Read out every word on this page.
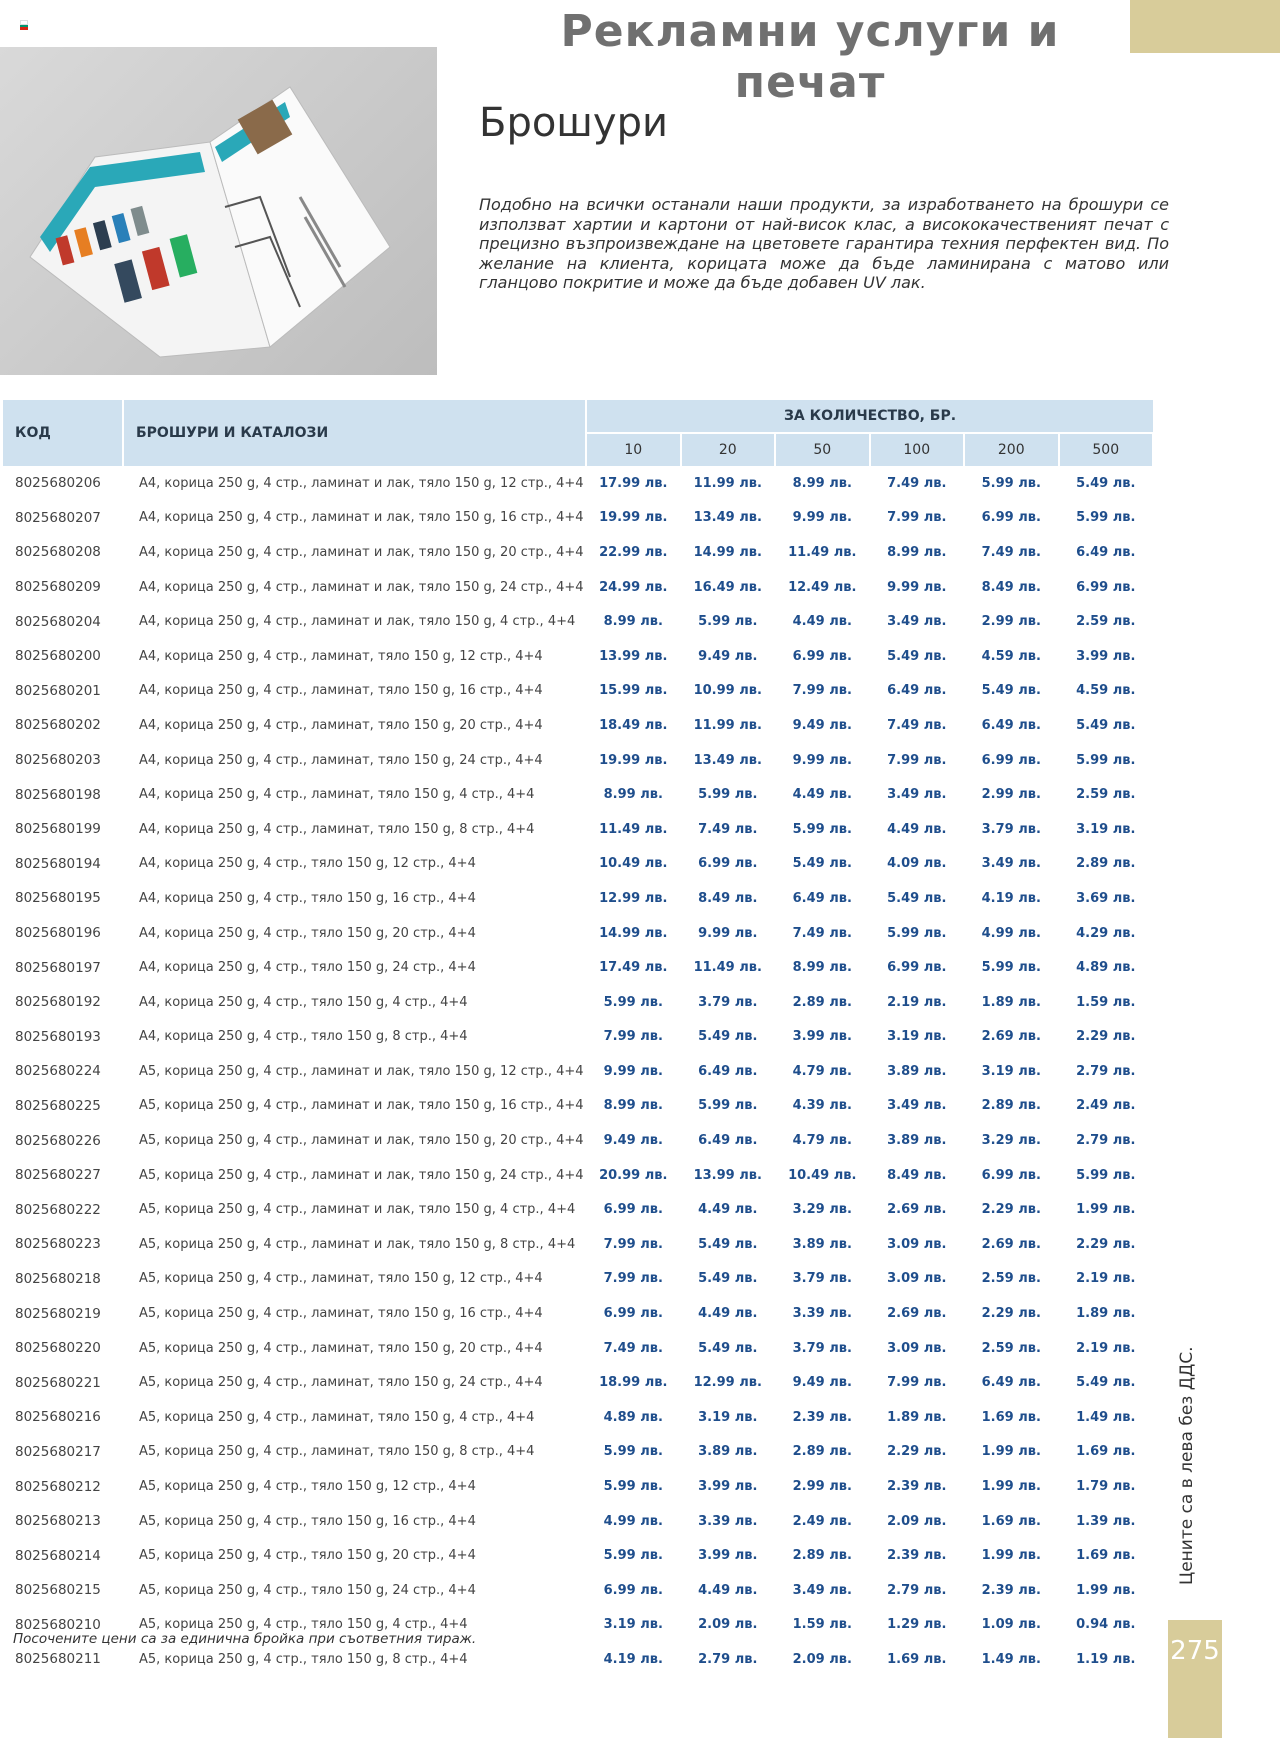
Рекламни услуги и печат
Брошури
Подобно на всички останали наши продукти, за изработването на брошури се използват хартии и картони от най-висок клас, а висококачественият печат с прецизно възпроизвеждане на цветовете гарантира техния перфектен вид. По желание на клиента, корицата може да бъде ламинирана с матово или гланцово покритие и може да бъде добавен UV лак.
КОД	БРОШУРИ И КАТАЛОЗИ	ЗА КОЛИЧЕСТВО, БР.					
		10	20	50	100	200	500
8025680206	А4, корица 250 g, 4 стр., ламинат и лак, тяло 150 g, 12 стр., 4+4	17.99 лв.	11.99 лв.	8.99 лв.	7.49 лв.	5.99 лв.	5.49 лв.
8025680207	А4, корица 250 g, 4 стр., ламинат и лак, тяло 150 g, 16 стр., 4+4	19.99 лв.	13.49 лв.	9.99 лв.	7.99 лв.	6.99 лв.	5.99 лв.
8025680208	А4, корица 250 g, 4 стр., ламинат и лак, тяло 150 g, 20 стр., 4+4	22.99 лв.	14.99 лв.	11.49 лв.	8.99 лв.	7.49 лв.	6.49 лв.
8025680209	А4, корица 250 g, 4 стр., ламинат и лак, тяло 150 g, 24 стр., 4+4	24.99 лв.	16.49 лв.	12.49 лв.	9.99 лв.	8.49 лв.	6.99 лв.
8025680204	А4, корица 250 g, 4 стр., ламинат и лак, тяло 150 g, 4 стр., 4+4	8.99 лв.	5.99 лв.	4.49 лв.	3.49 лв.	2.99 лв.	2.59 лв.
8025680200	А4, корица 250 g, 4 стр., ламинат, тяло 150 g, 12 стр., 4+4	13.99 лв.	9.49 лв.	6.99 лв.	5.49 лв.	4.59 лв.	3.99 лв.
8025680201	А4, корица 250 g, 4 стр., ламинат, тяло 150 g, 16 стр., 4+4	15.99 лв.	10.99 лв.	7.99 лв.	6.49 лв.	5.49 лв.	4.59 лв.
8025680202	А4, корица 250 g, 4 стр., ламинат, тяло 150 g, 20 стр., 4+4	18.49 лв.	11.99 лв.	9.49 лв.	7.49 лв.	6.49 лв.	5.49 лв.
8025680203	А4, корица 250 g, 4 стр., ламинат, тяло 150 g, 24 стр., 4+4	19.99 лв.	13.49 лв.	9.99 лв.	7.99 лв.	6.99 лв.	5.99 лв.
8025680198	А4, корица 250 g, 4 стр., ламинат, тяло 150 g, 4 стр., 4+4	8.99 лв.	5.99 лв.	4.49 лв.	3.49 лв.	2.99 лв.	2.59 лв.
8025680199	А4, корица 250 g, 4 стр., ламинат, тяло 150 g, 8 стр., 4+4	11.49 лв.	7.49 лв.	5.99 лв.	4.49 лв.	3.79 лв.	3.19 лв.
8025680194	А4, корица 250 g, 4 стр., тяло 150 g, 12 стр., 4+4	10.49 лв.	6.99 лв.	5.49 лв.	4.09 лв.	3.49 лв.	2.89 лв.
8025680195	А4, корица 250 g, 4 стр., тяло 150 g, 16 стр., 4+4	12.99 лв.	8.49 лв.	6.49 лв.	5.49 лв.	4.19 лв.	3.69 лв.
8025680196	А4, корица 250 g, 4 стр., тяло 150 g, 20 стр., 4+4	14.99 лв.	9.99 лв.	7.49 лв.	5.99 лв.	4.99 лв.	4.29 лв.
8025680197	А4, корица 250 g, 4 стр., тяло 150 g, 24 стр., 4+4	17.49 лв.	11.49 лв.	8.99 лв.	6.99 лв.	5.99 лв.	4.89 лв.
8025680192	А4, корица 250 g, 4 стр., тяло 150 g, 4 стр., 4+4	5.99 лв.	3.79 лв.	2.89 лв.	2.19 лв.	1.89 лв.	1.59 лв.
8025680193	А4, корица 250 g, 4 стр., тяло 150 g, 8 стр., 4+4	7.99 лв.	5.49 лв.	3.99 лв.	3.19 лв.	2.69 лв.	2.29 лв.
8025680224	А5, корица 250 g, 4 стр., ламинат и лак, тяло 150 g, 12 стр., 4+4	9.99 лв.	6.49 лв.	4.79 лв.	3.89 лв.	3.19 лв.	2.79 лв.
8025680225	А5, корица 250 g, 4 стр., ламинат и лак, тяло 150 g, 16 стр., 4+4	8.99 лв.	5.99 лв.	4.39 лв.	3.49 лв.	2.89 лв.	2.49 лв.
8025680226	А5, корица 250 g, 4 стр., ламинат и лак, тяло 150 g, 20 стр., 4+4	9.49 лв.	6.49 лв.	4.79 лв.	3.89 лв.	3.29 лв.	2.79 лв.
8025680227	А5, корица 250 g, 4 стр., ламинат и лак, тяло 150 g, 24 стр., 4+4	20.99 лв.	13.99 лв.	10.49 лв.	8.49 лв.	6.99 лв.	5.99 лв.
8025680222	А5, корица 250 g, 4 стр., ламинат и лак, тяло 150 g, 4 стр., 4+4	6.99 лв.	4.49 лв.	3.29 лв.	2.69 лв.	2.29 лв.	1.99 лв.
8025680223	А5, корица 250 g, 4 стр., ламинат и лак, тяло 150 g, 8 стр., 4+4	7.99 лв.	5.49 лв.	3.89 лв.	3.09 лв.	2.69 лв.	2.29 лв.
8025680218	А5, корица 250 g, 4 стр., ламинат, тяло 150 g, 12 стр., 4+4	7.99 лв.	5.49 лв.	3.79 лв.	3.09 лв.	2.59 лв.	2.19 лв.
8025680219	А5, корица 250 g, 4 стр., ламинат, тяло 150 g, 16 стр., 4+4	6.99 лв.	4.49 лв.	3.39 лв.	2.69 лв.	2.29 лв.	1.89 лв.
8025680220	А5, корица 250 g, 4 стр., ламинат, тяло 150 g, 20 стр., 4+4	7.49 лв.	5.49 лв.	3.79 лв.	3.09 лв.	2.59 лв.	2.19 лв.
8025680221	А5, корица 250 g, 4 стр., ламинат, тяло 150 g, 24 стр., 4+4	18.99 лв.	12.99 лв.	9.49 лв.	7.99 лв.	6.49 лв.	5.49 лв.
8025680216	А5, корица 250 g, 4 стр., ламинат, тяло 150 g, 4 стр., 4+4	4.89 лв.	3.19 лв.	2.39 лв.	1.89 лв.	1.69 лв.	1.49 лв.
8025680217	А5, корица 250 g, 4 стр., ламинат, тяло 150 g, 8 стр., 4+4	5.99 лв.	3.89 лв.	2.89 лв.	2.29 лв.	1.99 лв.	1.69 лв.
8025680212	А5, корица 250 g, 4 стр., тяло 150 g, 12 стр., 4+4	5.99 лв.	3.99 лв.	2.99 лв.	2.39 лв.	1.99 лв.	1.79 лв.
8025680213	А5, корица 250 g, 4 стр., тяло 150 g, 16 стр., 4+4	4.99 лв.	3.39 лв.	2.49 лв.	2.09 лв.	1.69 лв.	1.39 лв.
8025680214	А5, корица 250 g, 4 стр., тяло 150 g, 20 стр., 4+4	5.99 лв.	3.99 лв.	2.89 лв.	2.39 лв.	1.99 лв.	1.69 лв.
8025680215	А5, корица 250 g, 4 стр., тяло 150 g, 24 стр., 4+4	6.99 лв.	4.49 лв.	3.49 лв.	2.79 лв.	2.39 лв.	1.99 лв.
8025680210	А5, корица 250 g, 4 стр., тяло 150 g, 4 стр., 4+4	3.19 лв.	2.09 лв.	1.59 лв.	1.29 лв.	1.09 лв.	0.94 лв.
8025680211	А5, корица 250 g, 4 стр., тяло 150 g, 8 стр., 4+4	4.19 лв.	2.79 лв.	2.09 лв.	1.69 лв.	1.49 лв.	1.19 лв.
Цените са в лева без ДДС.
Посочените цени са за единична бройка при съответния тираж.	275
